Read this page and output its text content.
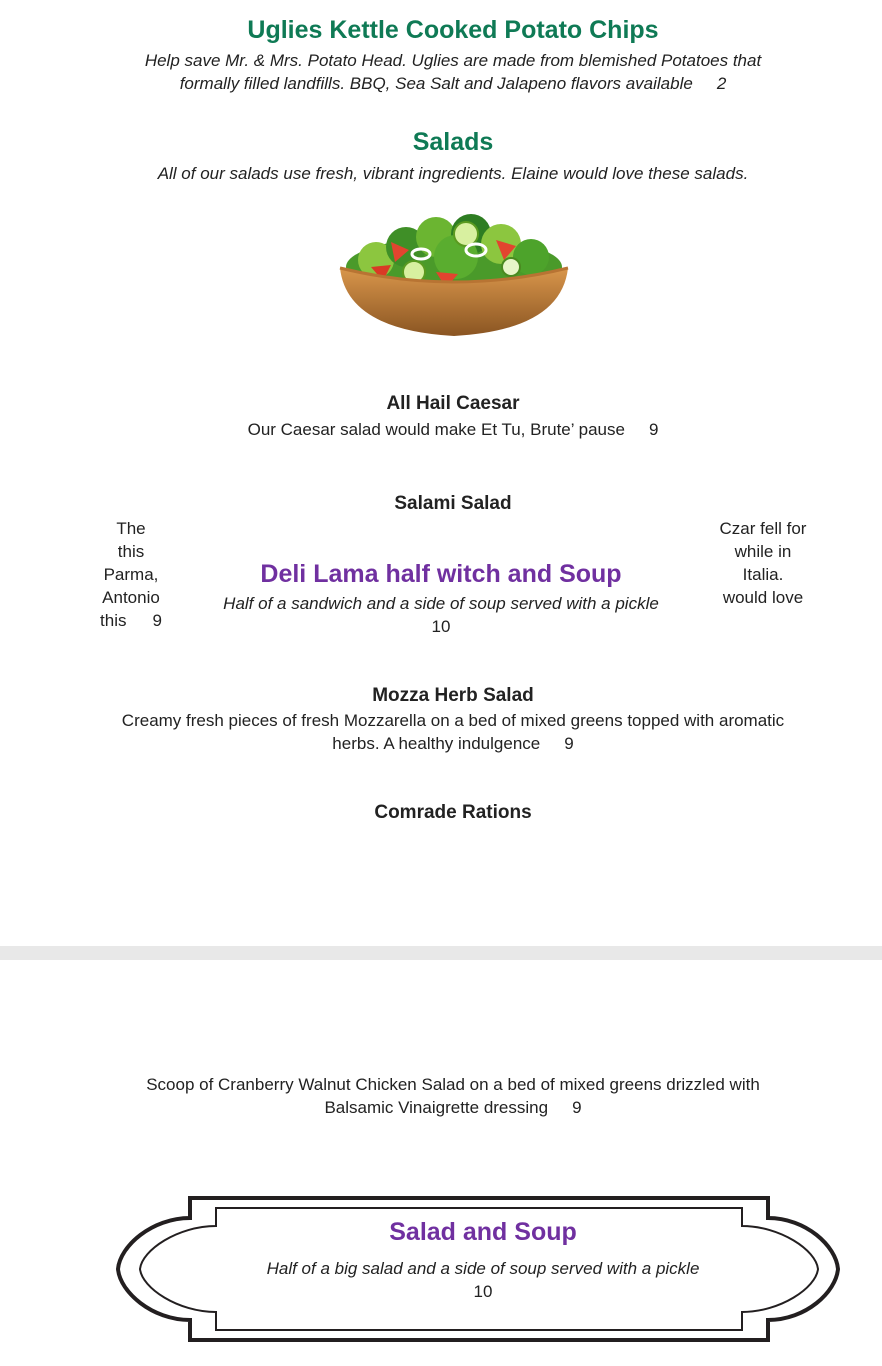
Uglies Kettle Cooked Potato Chips
Help save Mr. & Mrs. Potato Head. Uglies are made from blemished Potatoes that
formally filled landfills. BBQ, Sea Salt and Jalapeno flavors available 2
Salads
All of our salads use fresh, vibrant ingredients. Elaine would love these salads.
All Hail Caesar
Our Caesar salad would make Et Tu, Brute’ pause 9
Salami Salad
The
this
Parma,
Antonio
this 9
Czar fell for
while in
Italia.
would love
Deli Lama half witch and Soup
Half of a sandwich and a side of soup served with a pickle
10
Mozza Herb Salad
Creamy fresh pieces of fresh Mozzarella on a bed of mixed greens topped with aromatic
herbs. A healthy indulgence 9
Comrade Rations
Scoop of Cranberry Walnut Chicken Salad on a bed of mixed greens drizzled with
Balsamic Vinaigrette dressing 9
Salad and Soup
Half of a big salad and a side of soup served with a pickle
10
